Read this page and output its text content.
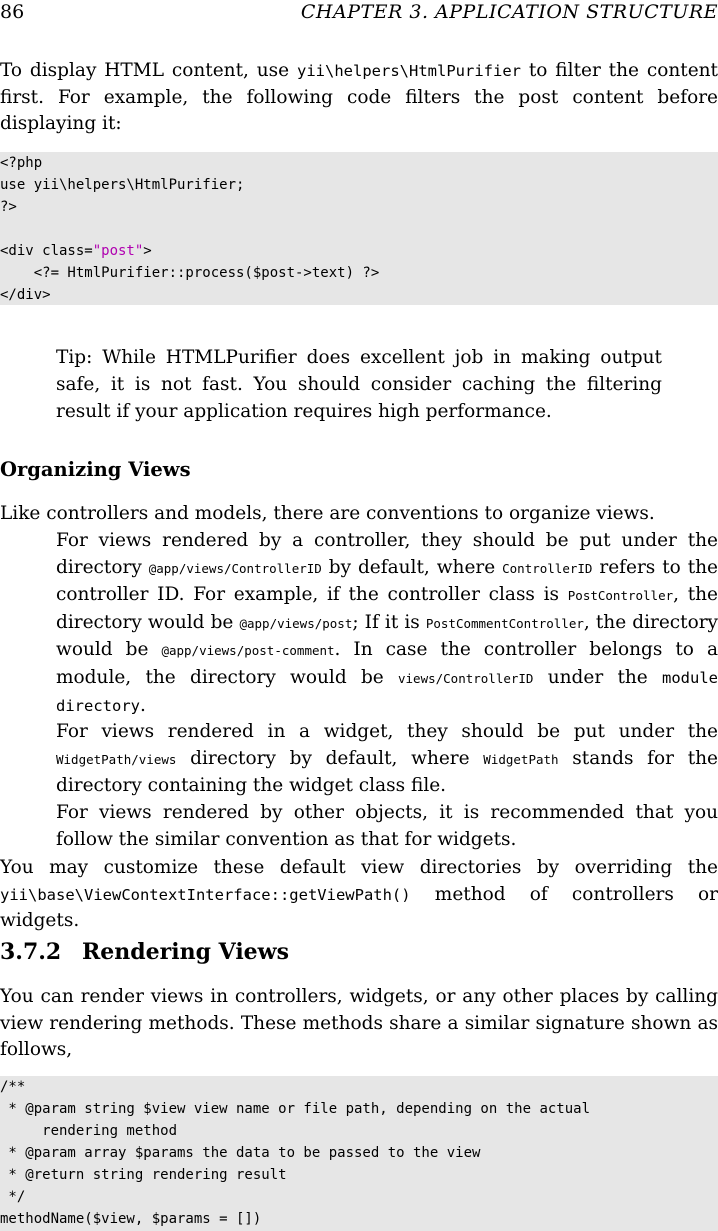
86	CHAPTER 3. APPLICATION STRUCTURE
To display HTML content, use yii\helpers\HtmlPurifier to filter the content first. For example, the following code filters the post content before displaying it:
<?php
use yii\helpers\HtmlPurifier;
?>

<div class="post">
<?= HtmlPurifier::process($post->text) ?>
</div>
Tip: While HTMLPurifier does excellent job in making output safe, it is not fast. You should consider caching the filtering result if your application requires high performance.
Organizing Views
Like controllers and models, there are conventions to organize views.

For views rendered by a controller, they should be put under the directory @app/views/ControllerID by default, where ControllerID refers to the controller ID. For example, if the controller class is PostController, the directory would be @app/views/post; If it is PostCommentController, the directory would be @app/views/post-comment. In case the controller belongs to a module, the directory would be views/ControllerID under the module directory.

For views rendered in a widget, they should be put under the WidgetPath/views directory by default, where WidgetPath stands for the directory containing the widget class file.

For views rendered by other objects, it is recommended that you follow the similar convention as that for widgets.

You may customize these default view directories by overriding the yii\base\ViewContextInterface::getViewPath() method of controllers or widgets.
3.7.2 Rendering Views
You can render views in controllers, widgets, or any other places by calling view rendering methods. These methods share a similar signature shown as follows,
/**
* @param string $view view name or file path, depending on the actual
rendering method
* @param array $params the data to be passed to the view
* @return string rendering result
*/
methodName($view, $params = [])
